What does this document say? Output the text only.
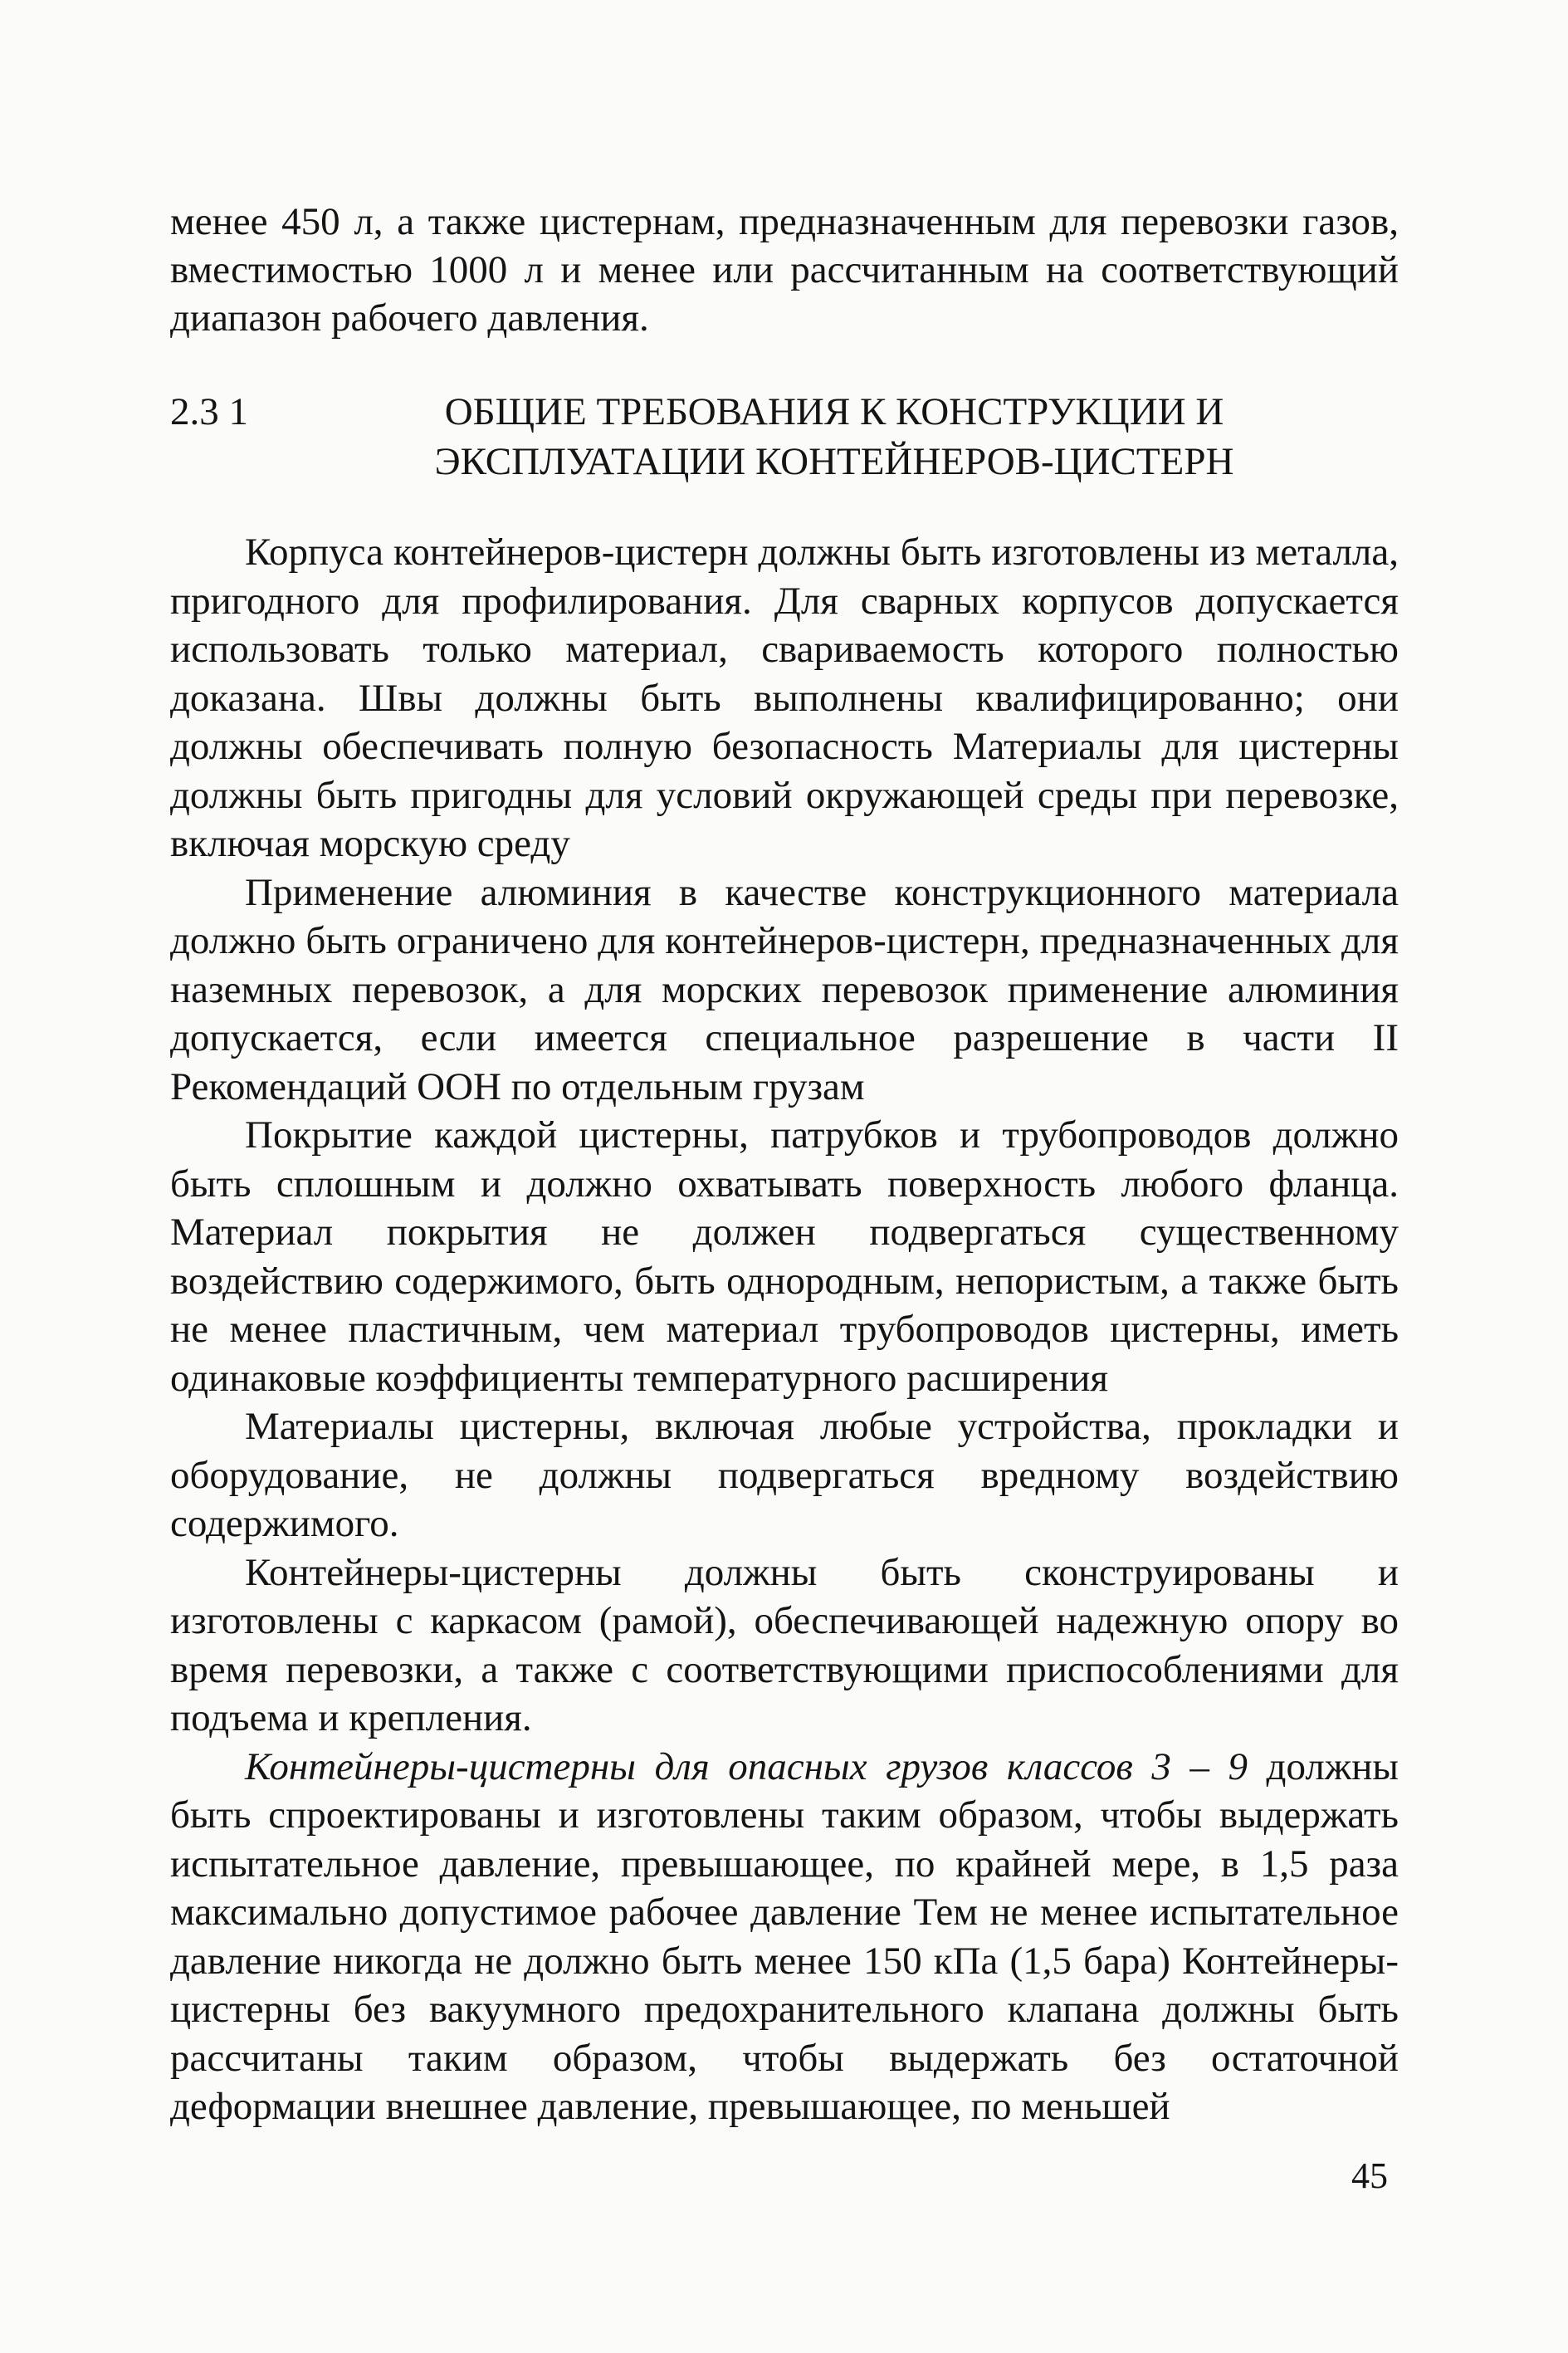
менее 450 л, а также цистернам, предназначенным для перевозки газов, вместимостью 1000 л и менее или рассчитанным на соответствующий диапазон рабочего давления.
2.3 1	ОБЩИЕ ТРЕБОВАНИЯ К КОНСТРУКЦИИ И ЭКСПЛУАТАЦИИ КОНТЕЙНЕРОВ-ЦИСТЕРН

Корпуса контейнеров-цистерн должны быть изготовлены из металла, пригодного для профилирования. Для сварных корпусов допускается использовать только материал, свариваемость которого полностью доказана. Швы должны быть выполнены квалифицированно; они должны обеспечивать полную безопасность Материалы для цистерны должны быть пригодны для условий окружающей среды при перевозке, включая морскую среду

Применение алюминия в качестве конструкционного материала должно быть ограничено для контейнеров-цистерн, предназначенных для наземных перевозок, а для морских перевозок применение алюминия допускается, если имеется специальное разрешение в части II Рекомендаций ООН по отдельным грузам

Покрытие каждой цистерны, патрубков и трубопроводов должно быть сплошным и должно охватывать поверхность любого фланца. Материал покрытия не должен подвергаться существенному воздействию содержимого, быть однородным, непористым, а также быть не менее пластичным, чем материал трубопроводов цистерны, иметь одинаковые коэффициенты температурного расширения

Материалы цистерны, включая любые устройства, прокладки и оборудование, не должны подвергаться вредному воздействию содержимого.

Контейнеры-цистерны должны быть сконструированы и изготовлены с каркасом (рамой), обеспечивающей надежную опору во время перевозки, а также с соответствующими приспособлениями для подъема и крепления.

Контейнеры-цистерны для опасных грузов классов 3 – 9 должны быть спроектированы и изготовлены таким образом, чтобы выдержать испытательное давление, превышающее, по крайней мере, в 1,5 раза максимально допустимое рабочее давление Тем не менее испытательное давление никогда не должно быть менее 150 кПа (1,5 бара) Контейнеры-цистерны без вакуумного предохранительного клапана должны быть рассчитаны таким образом, чтобы выдержать без остаточной деформации внешнее давление, превышающее, по меньшей

45
